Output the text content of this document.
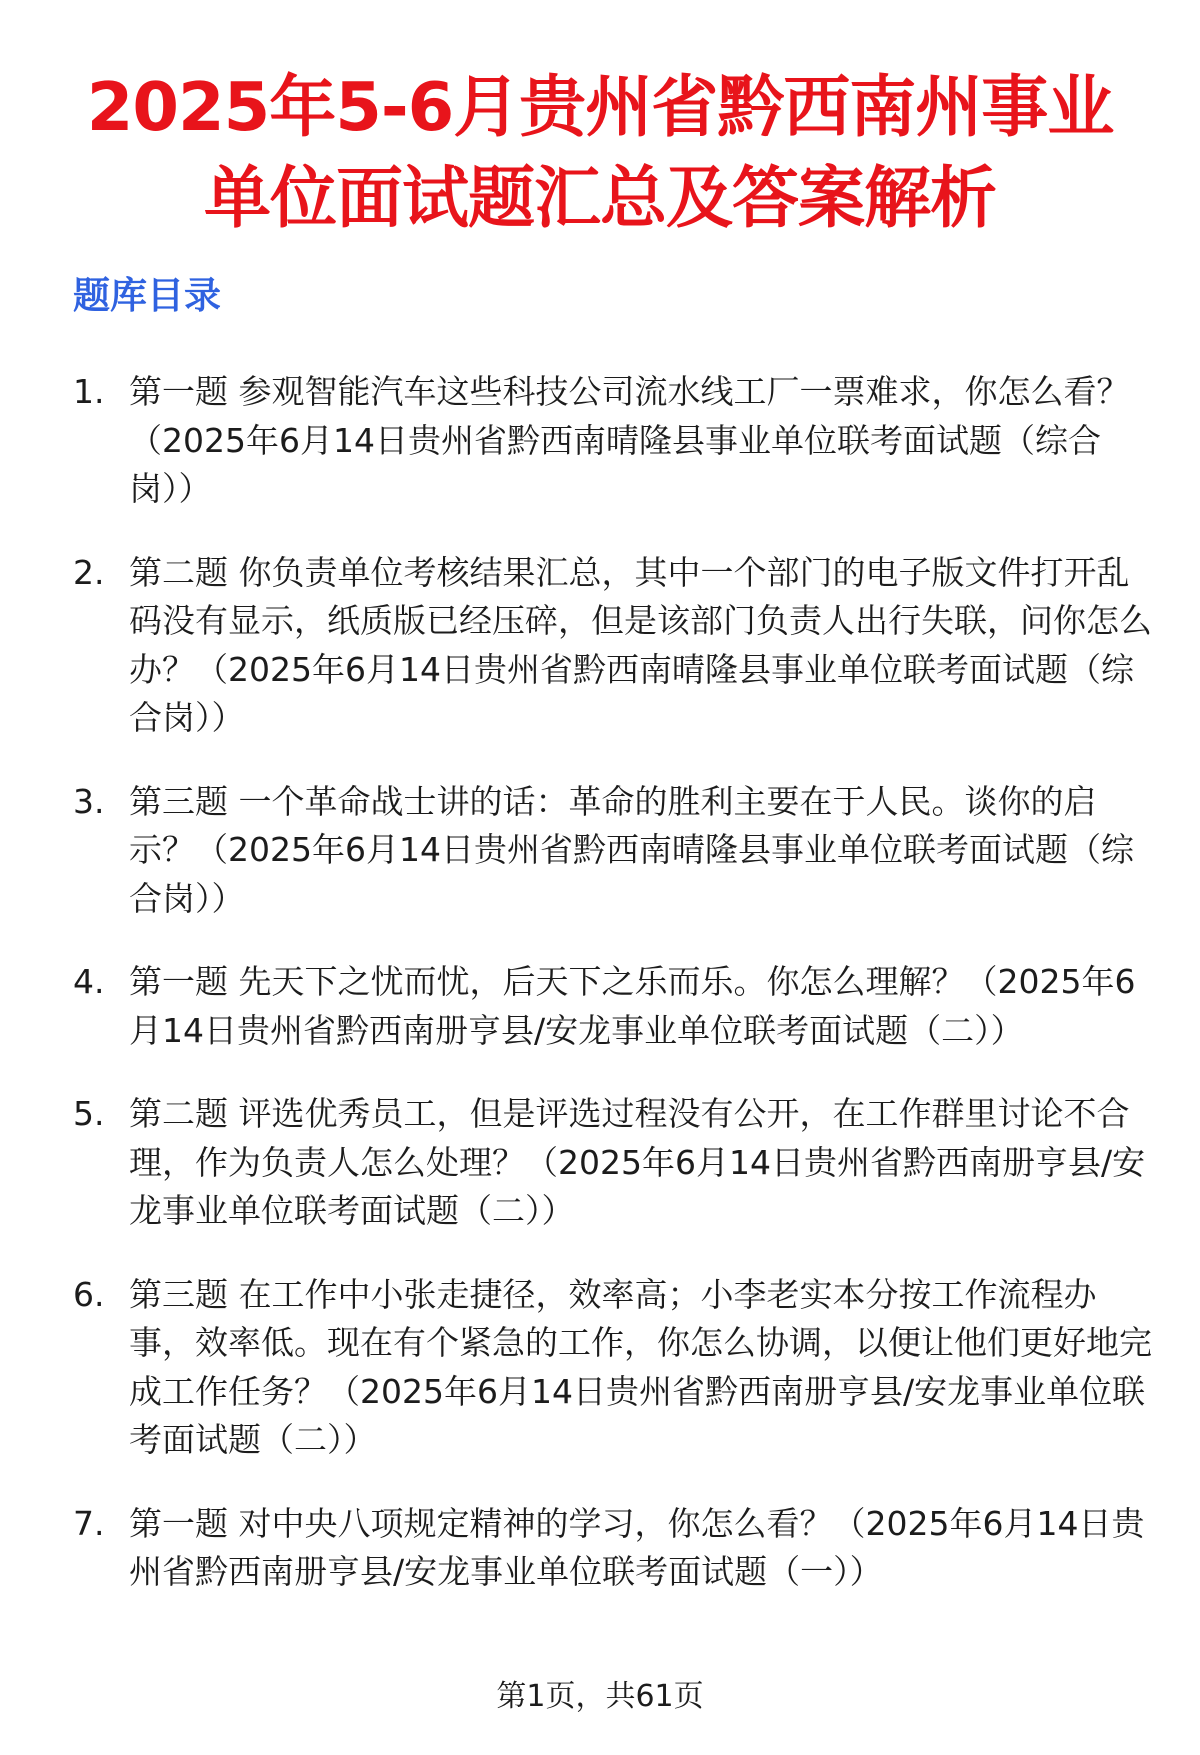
2025年5-6月贵州省黔西南州事业单位面试题汇总及答案解析
题库目录
1. 第一题 参观智能汽车这些科技公司流水线工厂一票难求，你怎么看？（2025年6月14日贵州省黔西南晴隆县事业单位联考面试题（综合岗））
2. 第二题 你负责单位考核结果汇总，其中一个部门的电子版文件打开乱码没有显示，纸质版已经压碎，但是该部门负责人出行失联，问你怎么办？（2025年6月14日贵州省黔西南晴隆县事业单位联考面试题（综合岗））
3. 第三题 一个革命战士讲的话：革命的胜利主要在于人民。谈你的启示？（2025年6月14日贵州省黔西南晴隆县事业单位联考面试题（综合岗））
4. 第一题 先天下之忧而忧，后天下之乐而乐。你怎么理解？（2025年6月14日贵州省黔西南册亨县/安龙事业单位联考面试题（二））
5. 第二题 评选优秀员工，但是评选过程没有公开，在工作群里讨论不合理，作为负责人怎么处理？（2025年6月14日贵州省黔西南册亨县/安龙事业单位联考面试题（二））
6. 第三题 在工作中小张走捷径，效率高；小李老实本分按工作流程办事，效率低。现在有个紧急的工作，你怎么协调，以便让他们更好地完成工作任务？（2025年6月14日贵州省黔西南册亨县/安龙事业单位联考面试题（二））
7. 第一题 对中央八项规定精神的学习，你怎么看？（2025年6月14日贵州省黔西南册亨县/安龙事业单位联考面试题（一））
第1页，共61页
